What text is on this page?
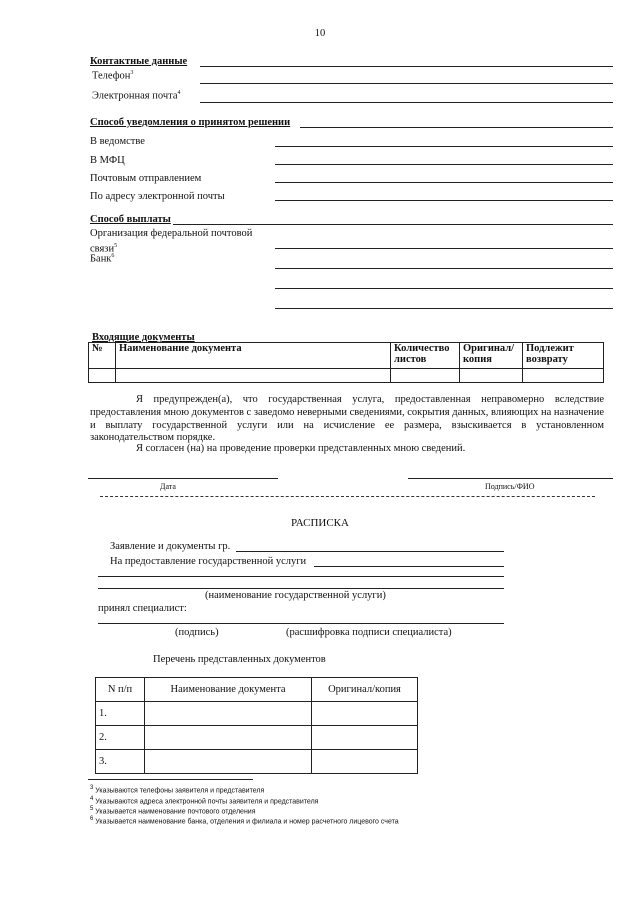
10
Контактные данные
Телефон$^3$
Электронная почта$^4$
Способ уведомления о принятом решении
В ведомстве
В МФЦ
Почтовым отправлением
По адресу электронной почты
Способ выплаты
Организация федеральной почтовой
связи$^5$
Банк$^6$
Входящие документы
№	Наименование документа	Количество листов	Оригинал/ копия	Подлежит возврату

Я предупрежден(а), что государственная услуга, предоставленная неправомерно вследствие предоставления мною документов с заведомо неверными сведениями, сокрытия данных, влияющих на назначение и выплату государственной услуги или на исчисление ее размера, взыскивается в установленном законодательством порядке.
Я согласен (на) на проведение проверки представленных мною сведений.
Дата	Подпись/ФИО
РАСПИСКА
Заявление и документы гр.
На предоставление государственной услуги
(наименование государственной услуги)
принял специалист:
(подпись)	(расшифровка подписи специалиста)
Перечень представленных документов
N п/п	Наименование документа	Оригинал/копия
1.		
2.		
3.		
$^3$ Указываются телефоны заявителя и представителя
$^4$ Указываются адреса электронной почты заявителя и представителя
$^5$ Указывается наименование почтового отделения
$^6$ Указывается наименование банка, отделения и филиала и номер расчетного лицевого счета
